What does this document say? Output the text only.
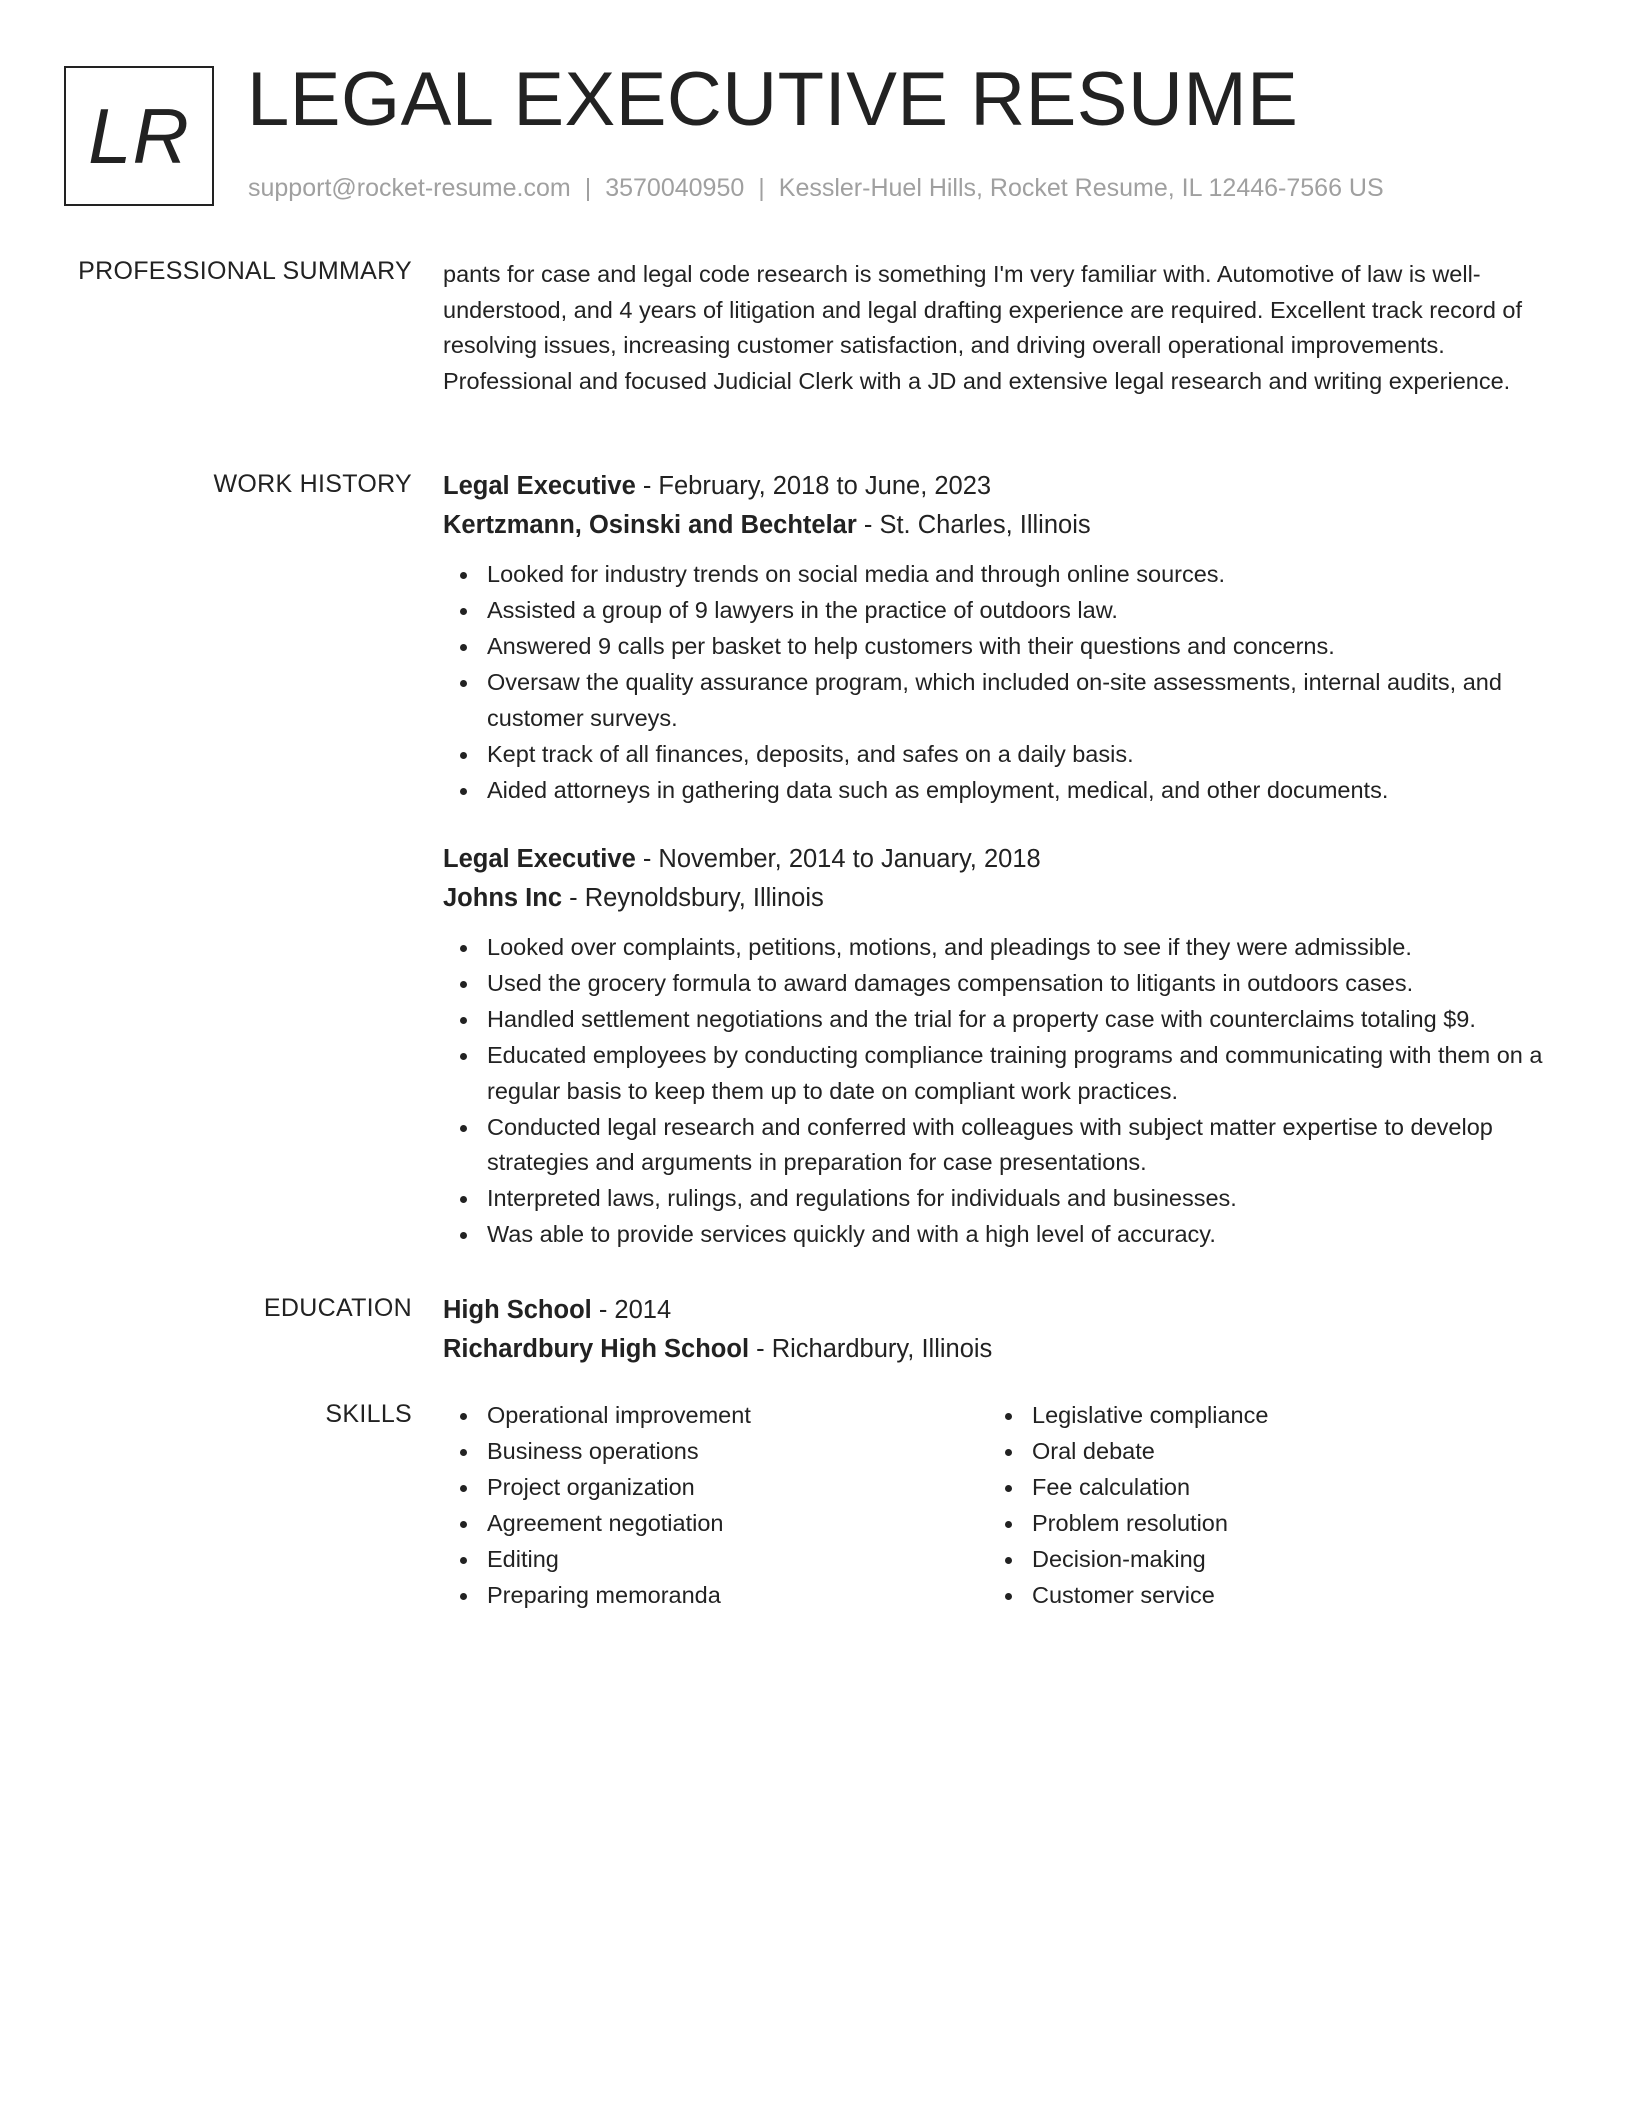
LR LEGAL EXECUTIVE RESUME
support@rocket-resume.com | 3570040950 | Kessler-Huel Hills, Rocket Resume, IL 12446-7566 US
PROFESSIONAL SUMMARY pants for case and legal code research is something I'm very familiar with. Automotive of law is well-understood, and 4 years of litigation and legal drafting experience are required. Excellent track record of resolving issues, increasing customer satisfaction, and driving overall operational improvements. Professional and focused Judicial Clerk with a JD and extensive legal research and writing experience.

WORK HISTORY Legal Executive - February, 2018 to June, 2023
Kertzmann, Osinski and Bechtelar - St. Charles, Illinois
Looked for industry trends on social media and through online sources.
Assisted a group of 9 lawyers in the practice of outdoors law.
Answered 9 calls per basket to help customers with their questions and concerns.
Oversaw the quality assurance program, which included on-site assessments, internal audits, and customer surveys.
Kept track of all finances, deposits, and safes on a daily basis.
Aided attorneys in gathering data such as employment, medical, and other documents.
Legal Executive - November, 2014 to January, 2018
Johns Inc - Reynoldsbury, Illinois
Looked over complaints, petitions, motions, and pleadings to see if they were admissible.
Used the grocery formula to award damages compensation to litigants in outdoors cases.
Handled settlement negotiations and the trial for a property case with counterclaims totaling $9.
Educated employees by conducting compliance training programs and communicating with them on a regular basis to keep them up to date on compliant work practices.
Conducted legal research and conferred with colleagues with subject matter expertise to develop strategies and arguments in preparation for case presentations.
Interpreted laws, rulings, and regulations for individuals and businesses.
Was able to provide services quickly and with a high level of accuracy.
EDUCATION High School - 2014
Richardbury High School - Richardbury, Illinois
SKILLS	Operational improvement
Business operations
Project organization
Agreement negotiation
Editing
Preparing memoranda
Legislative compliance
Oral debate
Fee calculation
Problem resolution
Decision-making
Customer service
